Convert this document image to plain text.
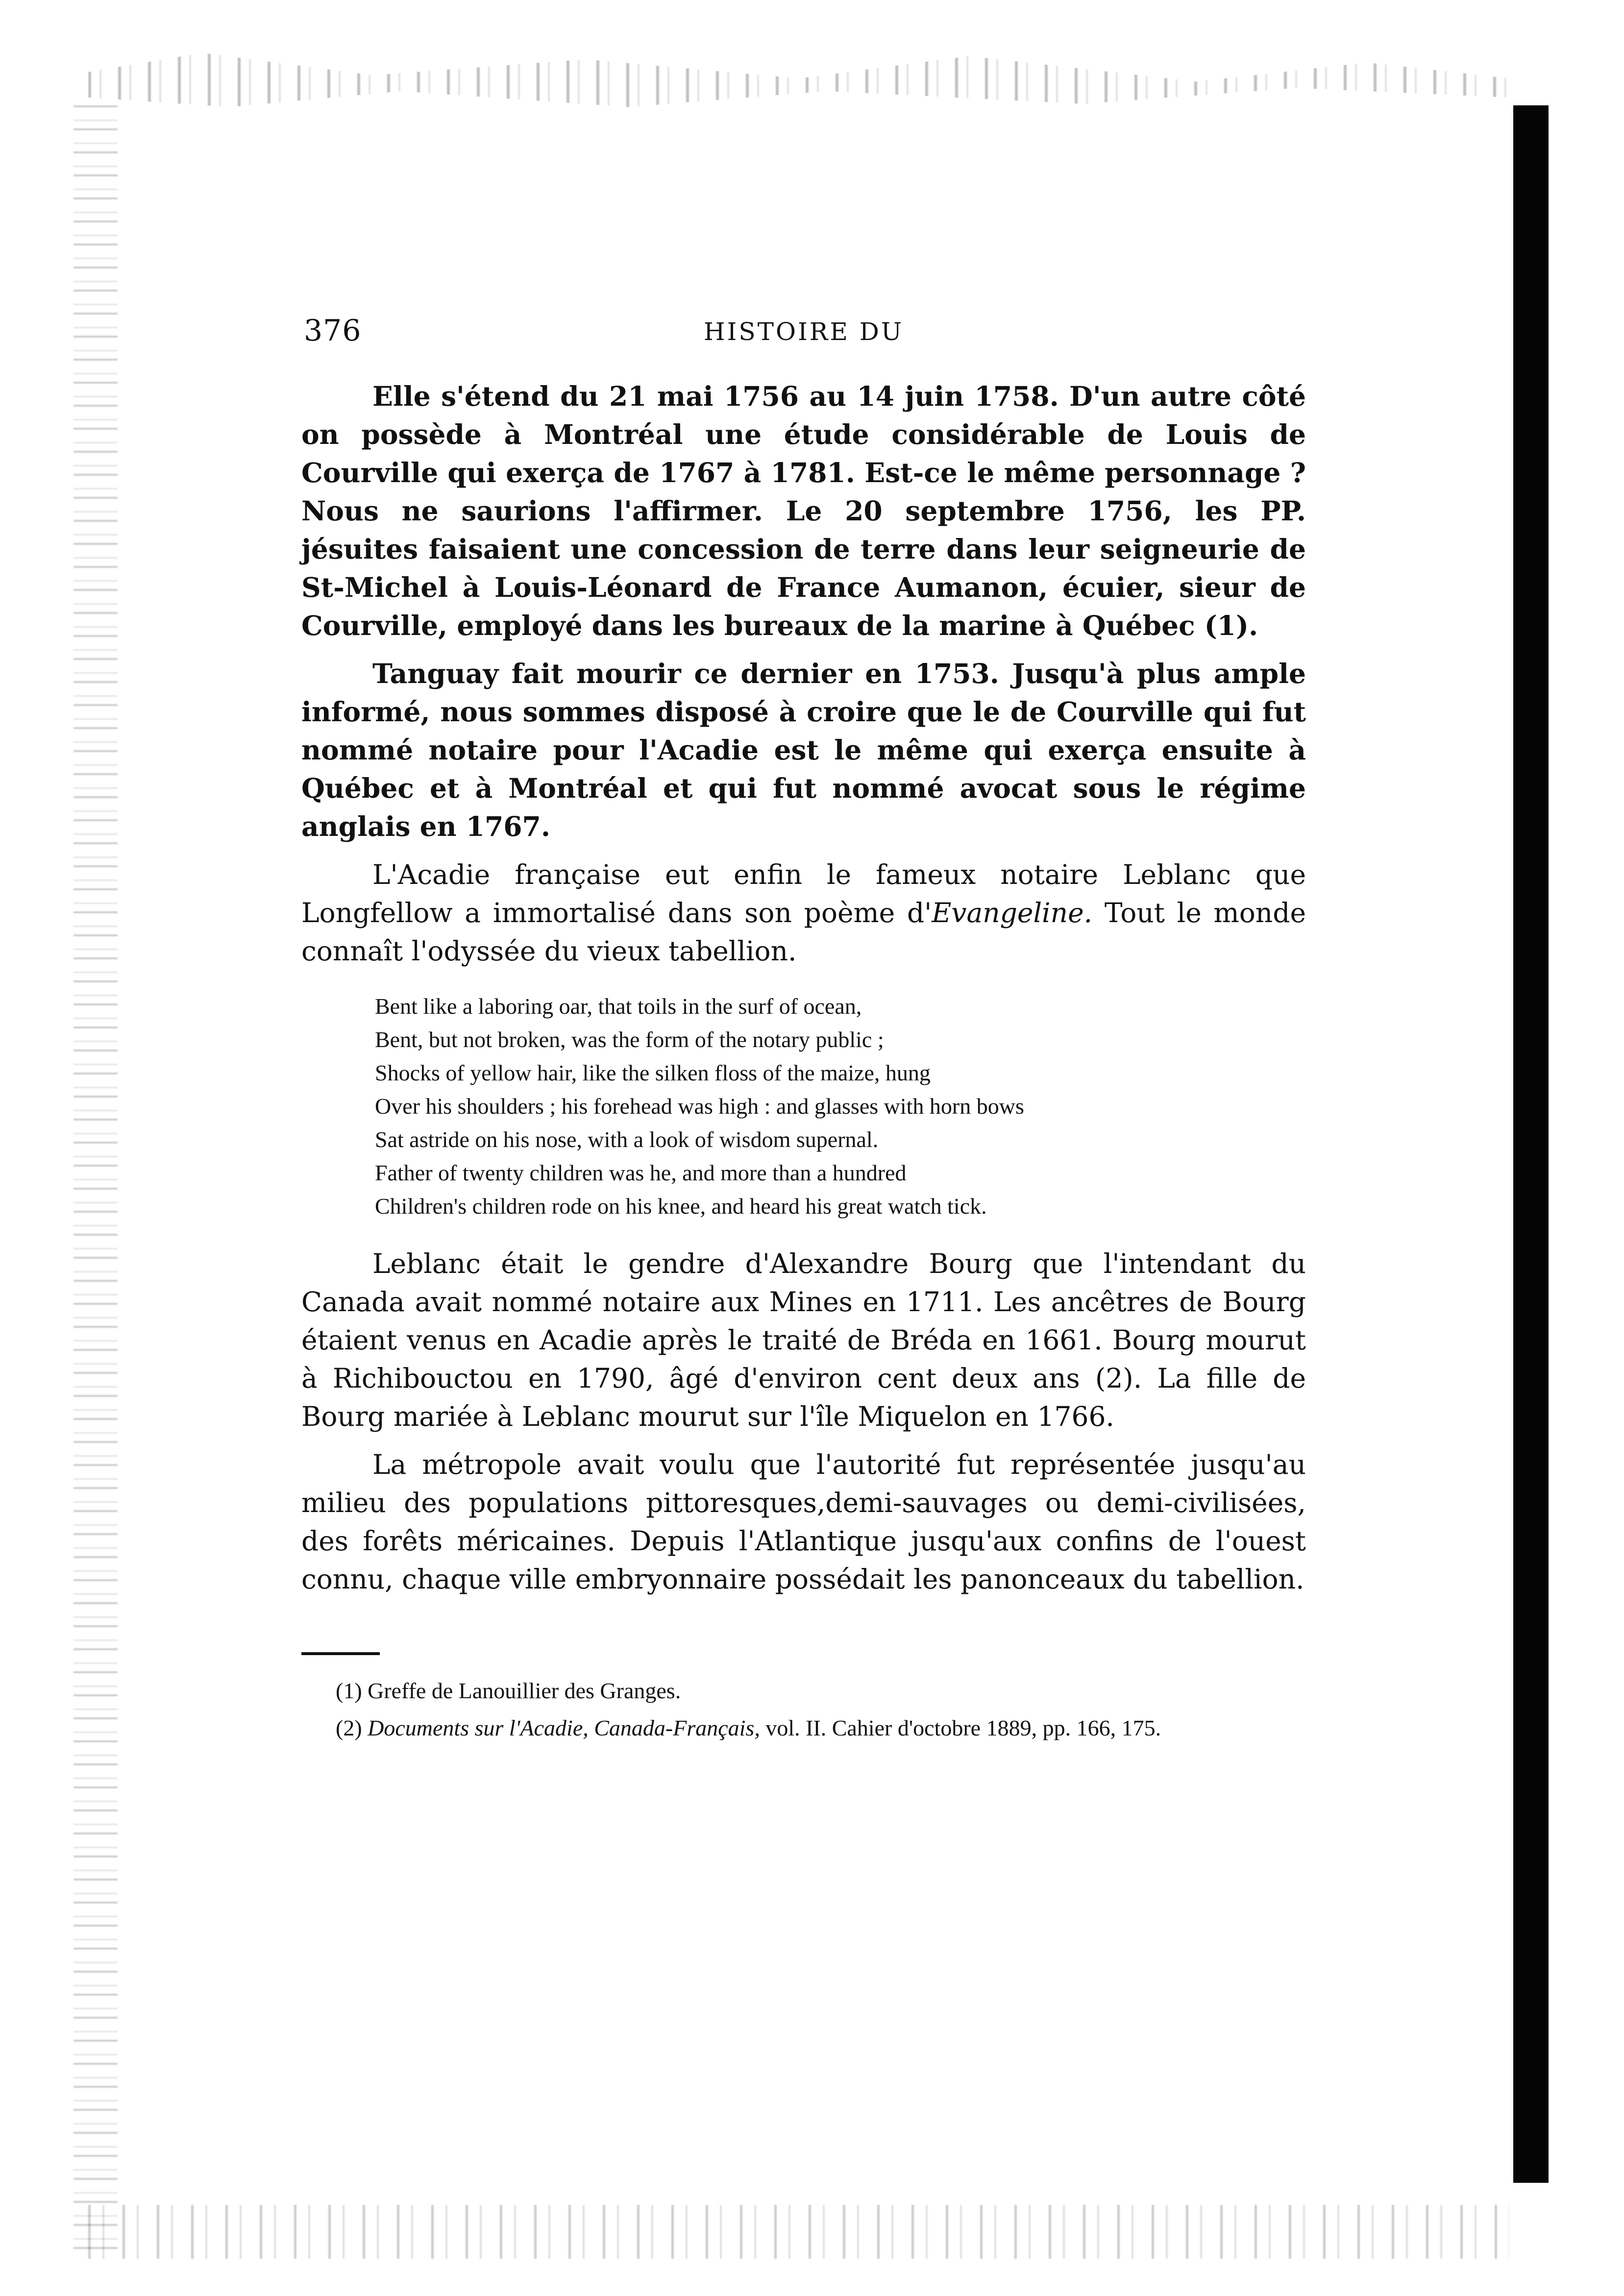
376	HISTOIRE DU

Elle s'étend du 21 mai 1756 au 14 juin 1758. D'un autre côté on possède à Montréal une étude considérable de Louis de Courville qui exerça de 1767 à 1781. Est-ce le même personnage ? Nous ne saurions l'affirmer. Le 20 septembre 1756, les PP. jésuites faisaient une concession de terre dans leur seigneurie de St-Michel à Louis-Léonard de France Aumanon, écuier, sieur de Courville, employé dans les bureaux de la marine à Québec (1).

Tanguay fait mourir ce dernier en 1753. Jusqu'à plus ample informé, nous sommes disposé à croire que le de Courville qui fut nommé notaire pour l'Acadie est le même qui exerça ensuite à Québec et à Montréal et qui fut nommé avocat sous le régime anglais en 1767.

L'Acadie française eut enfin le fameux notaire Leblanc que Longfellow a immortalisé dans son poème d'Evangeline. Tout le monde connaît l'odyssée du vieux tabellion.

Bent like a laboring oar, that toils in the surf of ocean,
Bent, but not broken, was the form of the notary public ;
Shocks of yellow hair, like the silken floss of the maize, hung
Over his shoulders ; his forehead was high : and glasses with horn bows
Sat astride on his nose, with a look of wisdom supernal.
Father of twenty children was he, and more than a hundred
Children's children rode on his knee, and heard his great watch tick.

Leblanc était le gendre d'Alexandre Bourg que l'intendant du Canada avait nommé notaire aux Mines en 1711. Les ancêtres de Bourg étaient venus en Acadie après le traité de Bréda en 1661. Bourg mourut à Richibouctou en 1790, âgé d'environ cent deux ans (2). La fille de Bourg mariée à Leblanc mourut sur l'île Miquelon en 1766.

La métropole avait voulu que l'autorité fut représentée jusqu'au milieu des populations pittoresques,demi-sauvages ou demi-civilisées, des forêts méricaines. Depuis l'Atlantique jusqu'aux confins de l'ouest connu, chaque ville embryonnaire possédait les panonceaux du tabellion.

(1) Greffe de Lanouillier des Granges.

(2) Documents sur l'Acadie, Canada-Français, vol. II. Cahier d'octobre 1889, pp. 166, 175.
